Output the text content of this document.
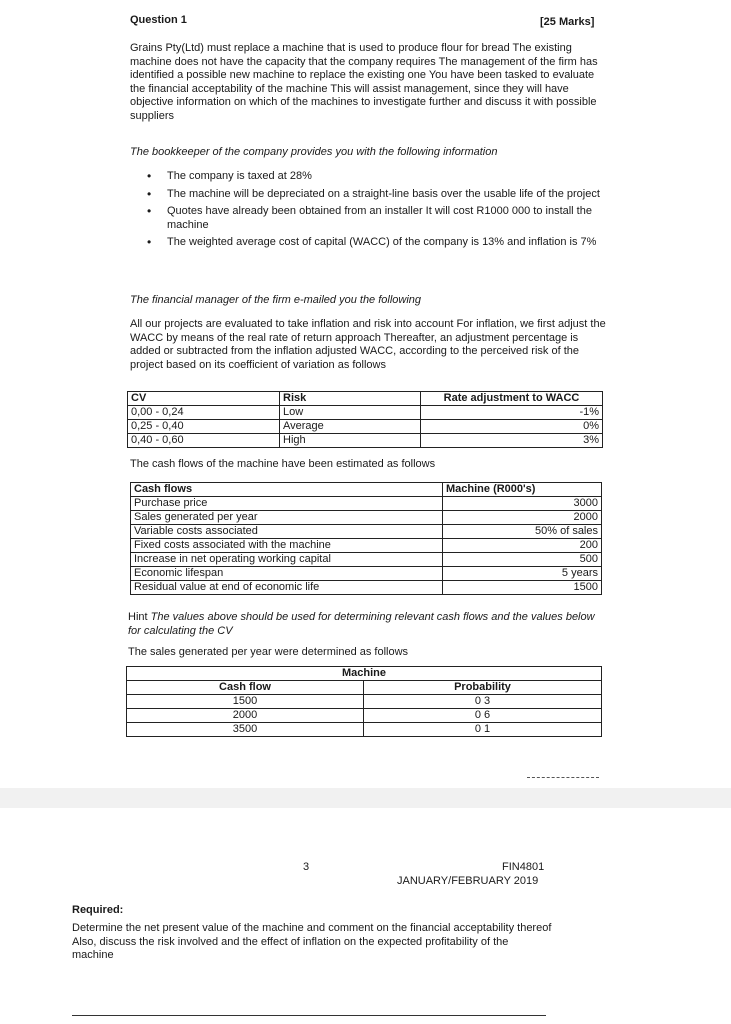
Question 1	[25 Marks]

Grains Pty(Ltd) must replace a machine that is used to produce flour for bread The existing machine does not have the capacity that the company requires The management of the firm has identified a possible new machine to replace the existing one You have been tasked to evaluate the financial acceptability of the machine This will assist management, since they will have objective information on which of the machines to investigate further and discuss it with possible suppliers

The bookkeeper of the company provides you with the following information

• The company is taxed at 28%
• The machine will be depreciated on a straight-line basis over the usable life of the project
• Quotes have already been obtained from an installer It will cost R1000 000 to install the machine
• The weighted average cost of capital (WACC) of the company is 13% and inflation is 7%

The financial manager of the firm e-mailed you the following

All our projects are evaluated to take inflation and risk into account For inflation, we first adjust the WACC by means of the real rate of return approach Thereafter, an adjustment percentage is added or subtracted from the inflation adjusted WACC, according to the perceived risk of the project based on its coefficient of variation as follows

CV	Risk	Rate adjustment to WACC
0,00 - 0,24	Low	-1%
0,25 - 0,40	Average	0%
0,40 - 0,60	High	3%

The cash flows of the machine have been estimated as follows

Cash flows	Machine (R000's)
Purchase price	3000
Sales generated per year	2000
Variable costs associated	50% of sales
Fixed costs associated with the machine	200
Increase in net operating working capital	500
Economic lifespan	5 years
Residual value at end of economic life	1500

Hint The values above should be used for determining relevant cash flows and the values below for calculating the CV

The sales generated per year were determined as follows

Machine	
Cash flow	Probability
1500	0 3
2000	0 6
3500	0 1
3	FIN4801
JANUARY/FEBRUARY 2019
Required:

Determine the net present value of the machine and comment on the financial acceptability thereof Also, discuss the risk involved and the effect of inflation on the expected profitability of the machine
